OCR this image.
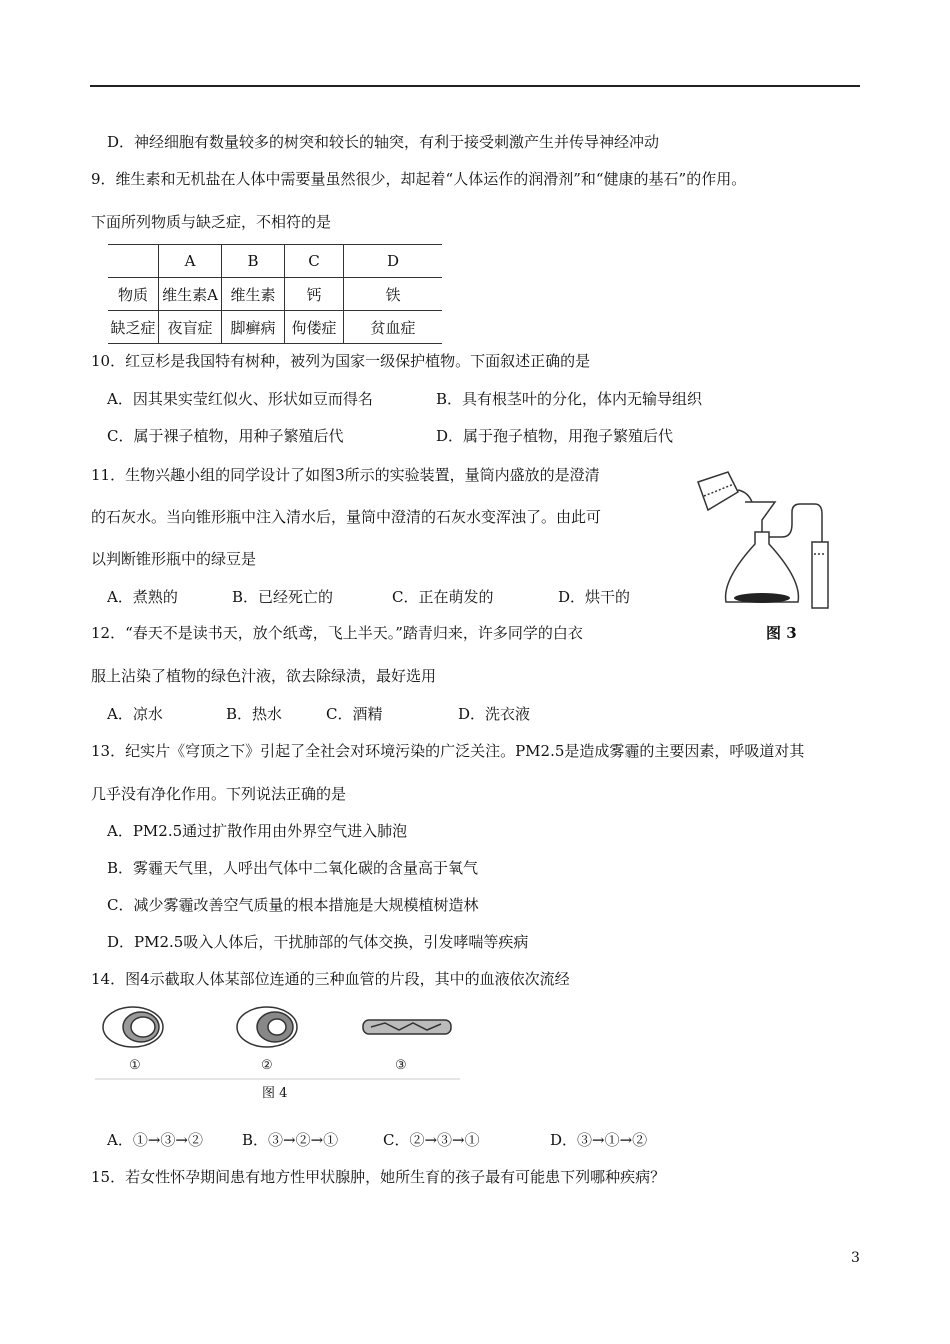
D．神经细胞有数量较多的树突和较长的轴突，有利于接受刺激产生并传导神经冲动
9．维生素和无机盐在人体中需要量虽然很少，却起着“人体运作的润滑剂”和“健康的基石”的作用。
下面所列物质与缺乏症，不相符的是
	A	B	C	D
物质	维生素A	维生素	钙	铁
缺乏症	夜盲症	脚癣病	佝偻症	贫血症
10．红豆杉是我国特有树种，被列为国家一级保护植物。下面叙述正确的是
A．因其果实莹红似火、形状如豆而得名	B．具有根茎叶的分化，体内无输导组织
C．属于裸子植物，用种子繁殖后代	D．属于孢子植物，用孢子繁殖后代
11．生物兴趣小组的同学设计了如图3所示的实验装置，量筒内盛放的是澄清
的石灰水。当向锥形瓶中注入清水后，量筒中澄清的石灰水变浑浊了。由此可
以判断锥形瓶中的绿豆是
A．煮熟的	B．已经死亡的	C．正在萌发的	D．烘干的
图 3
12．“春天不是读书天，放个纸鸢，飞上半天。”踏青归来，许多同学的白衣
服上沾染了植物的绿色汁液，欲去除绿渍，最好选用
A．凉水	B．热水	C．酒精	D．洗衣液
13．纪实片《穹顶之下》引起了全社会对环境污染的广泛关注。PM2.5是造成雾霾的主要因素，呼吸道对其
几乎没有净化作用。下列说法正确的是
A．PM2.5通过扩散作用由外界空气进入肺泡
B．雾霾天气里，人呼出气体中二氧化碳的含量高于氧气
C．减少雾霾改善空气质量的根本措施是大规模植树造林
D．PM2.5吸入人体后，干扰肺部的气体交换，引发哮喘等疾病
14．图4示截取人体某部位连通的三种血管的片段，其中的血液依次流经
①	②	③
图 4
A．①→③→②	B．③→②→①	C．②→③→①	D．③→①→②
15．若女性怀孕期间患有地方性甲状腺肿，她所生育的孩子最有可能患下列哪种疾病？
3
